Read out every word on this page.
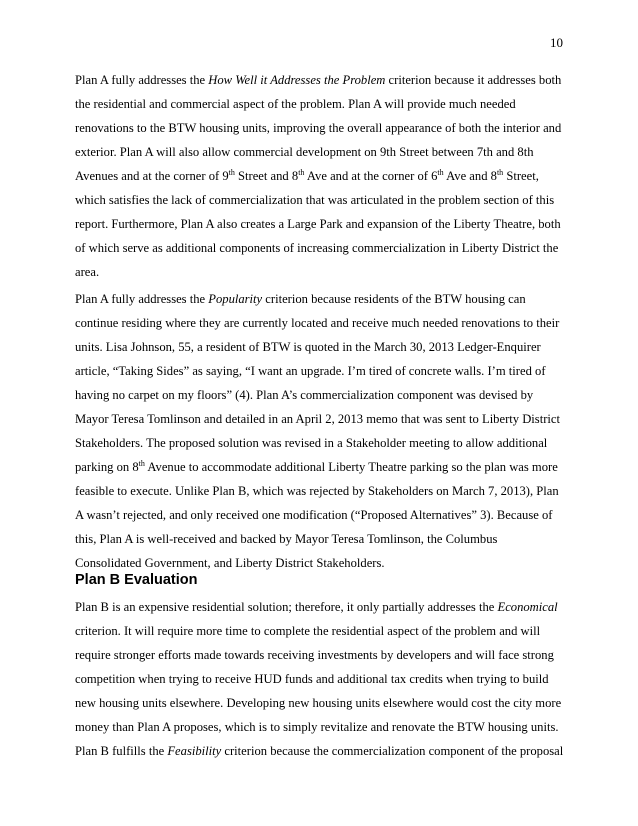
10
Plan A fully addresses the How Well it Addresses the Problem criterion because it addresses both
the residential and commercial aspect of the problem. Plan A will provide much needed
renovations to the BTW housing units, improving the overall appearance of both the interior and
exterior. Plan A will also allow commercial development on 9th Street between 7th and 8th
Avenues and at the corner of 9th Street and 8th Ave and at the corner of 6th Ave and 8th Street,
which satisfies the lack of commercialization that was articulated in the problem section of this
report. Furthermore, Plan A also creates a Large Park and expansion of the Liberty Theatre, both
of which serve as additional components of increasing commercialization in Liberty District the
area.
Plan A fully addresses the Popularity criterion because residents of the BTW housing can
continue residing where they are currently located and receive much needed renovations to their
units. Lisa Johnson, 55, a resident of BTW is quoted in the March 30, 2013 Ledger-Enquirer
article, “Taking Sides” as saying, “I want an upgrade. I’m tired of concrete walls. I’m tired of
having no carpet on my floors” (4). Plan A’s commercialization component was devised by
Mayor Teresa Tomlinson and detailed in an April 2, 2013 memo that was sent to Liberty District
Stakeholders. The proposed solution was revised in a Stakeholder meeting to allow additional
parking on 8th Avenue to accommodate additional Liberty Theatre parking so the plan was more
feasible to execute. Unlike Plan B, which was rejected by Stakeholders on March 7, 2013), Plan
A wasn’t rejected, and only received one modification (“Proposed Alternatives” 3). Because of
this, Plan A is well-received and backed by Mayor Teresa Tomlinson, the Columbus
Consolidated Government, and Liberty District Stakeholders.
Plan B Evaluation
Plan B is an expensive residential solution; therefore, it only partially addresses the Economical
criterion. It will require more time to complete the residential aspect of the problem and will
require stronger efforts made towards receiving investments by developers and will face strong
competition when trying to receive HUD funds and additional tax credits when trying to build
new housing units elsewhere. Developing new housing units elsewhere would cost the city more
money than Plan A proposes, which is to simply revitalize and renovate the BTW housing units.
Plan B fulfills the Feasibility criterion because the commercialization component of the proposal
